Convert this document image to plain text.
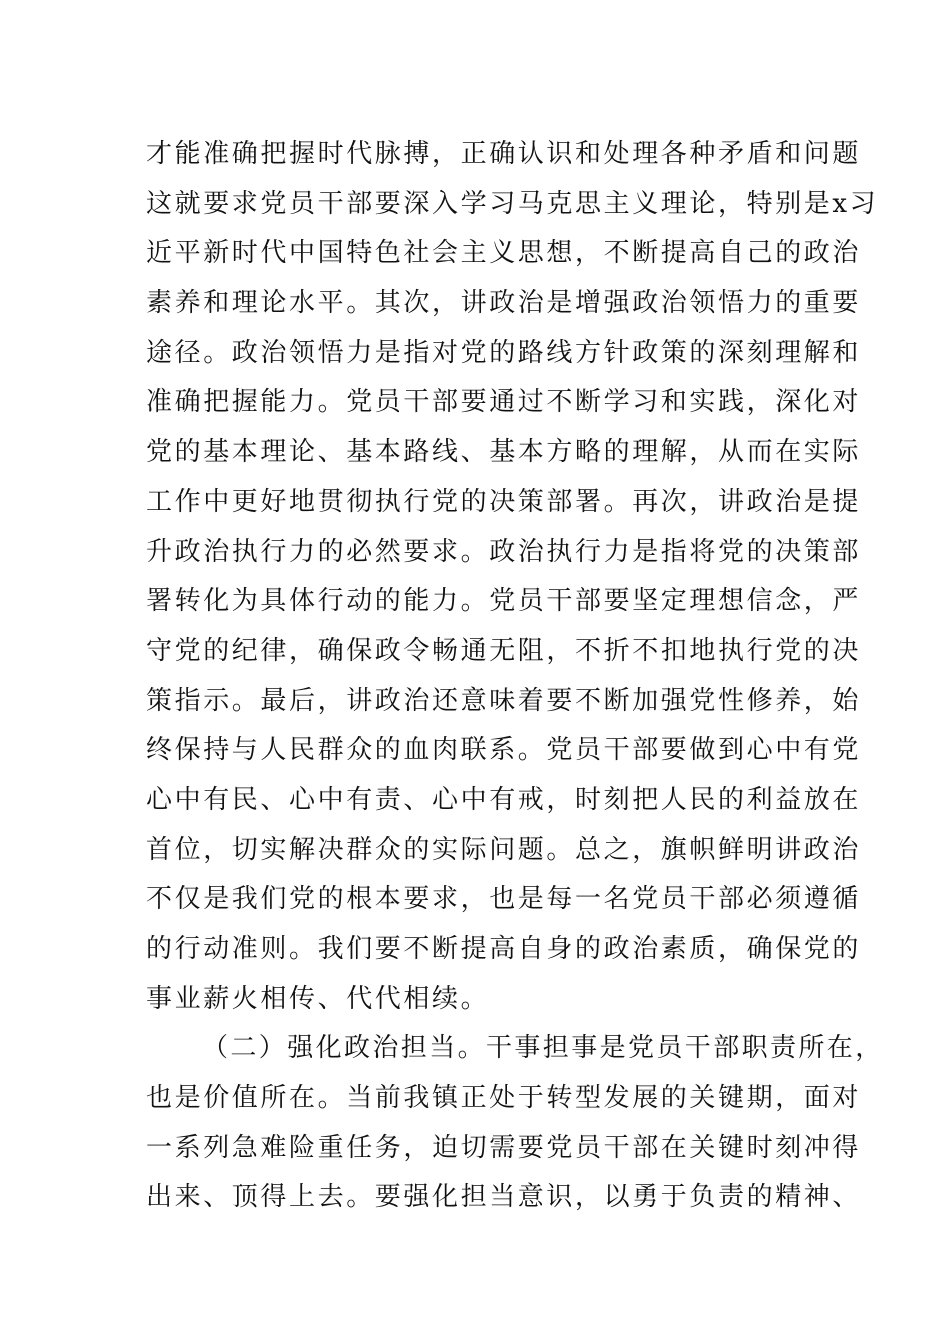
才能准确把握时代脉搏，正确认识和处理各种矛盾和问题
这就要求党员干部要深入学习马克思主义理论，特别是x习
近平新时代中国特色社会主义思想，不断提高自己的政治
素养和理论水平。其次，讲政治是增强政治领悟力的重要
途径。政治领悟力是指对党的路线方针政策的深刻理解和
准确把握能力。党员干部要通过不断学习和实践，深化对
党的基本理论、基本路线、基本方略的理解，从而在实际
工作中更好地贯彻执行党的决策部署。再次，讲政治是提
升政治执行力的必然要求。政治执行力是指将党的决策部
署转化为具体行动的能力。党员干部要坚定理想信念，严
守党的纪律，确保政令畅通无阻，不折不扣地执行党的决
策指示。最后，讲政治还意味着要不断加强党性修养，始
终保持与人民群众的血肉联系。党员干部要做到心中有党
心中有民、心中有责、心中有戒，时刻把人民的利益放在
首位，切实解决群众的实际问题。总之，旗帜鲜明讲政治
不仅是我们党的根本要求，也是每一名党员干部必须遵循
的行动准则。我们要不断提高自身的政治素质，确保党的
事业薪火相传、代代相续。
（二）强化政治担当。干事担事是党员干部职责所在，
也是价值所在。当前我镇正处于转型发展的关键期，面对
一系列急难险重任务，迫切需要党员干部在关键时刻冲得
出来、顶得上去。要强化担当意识，以勇于负责的精神、
